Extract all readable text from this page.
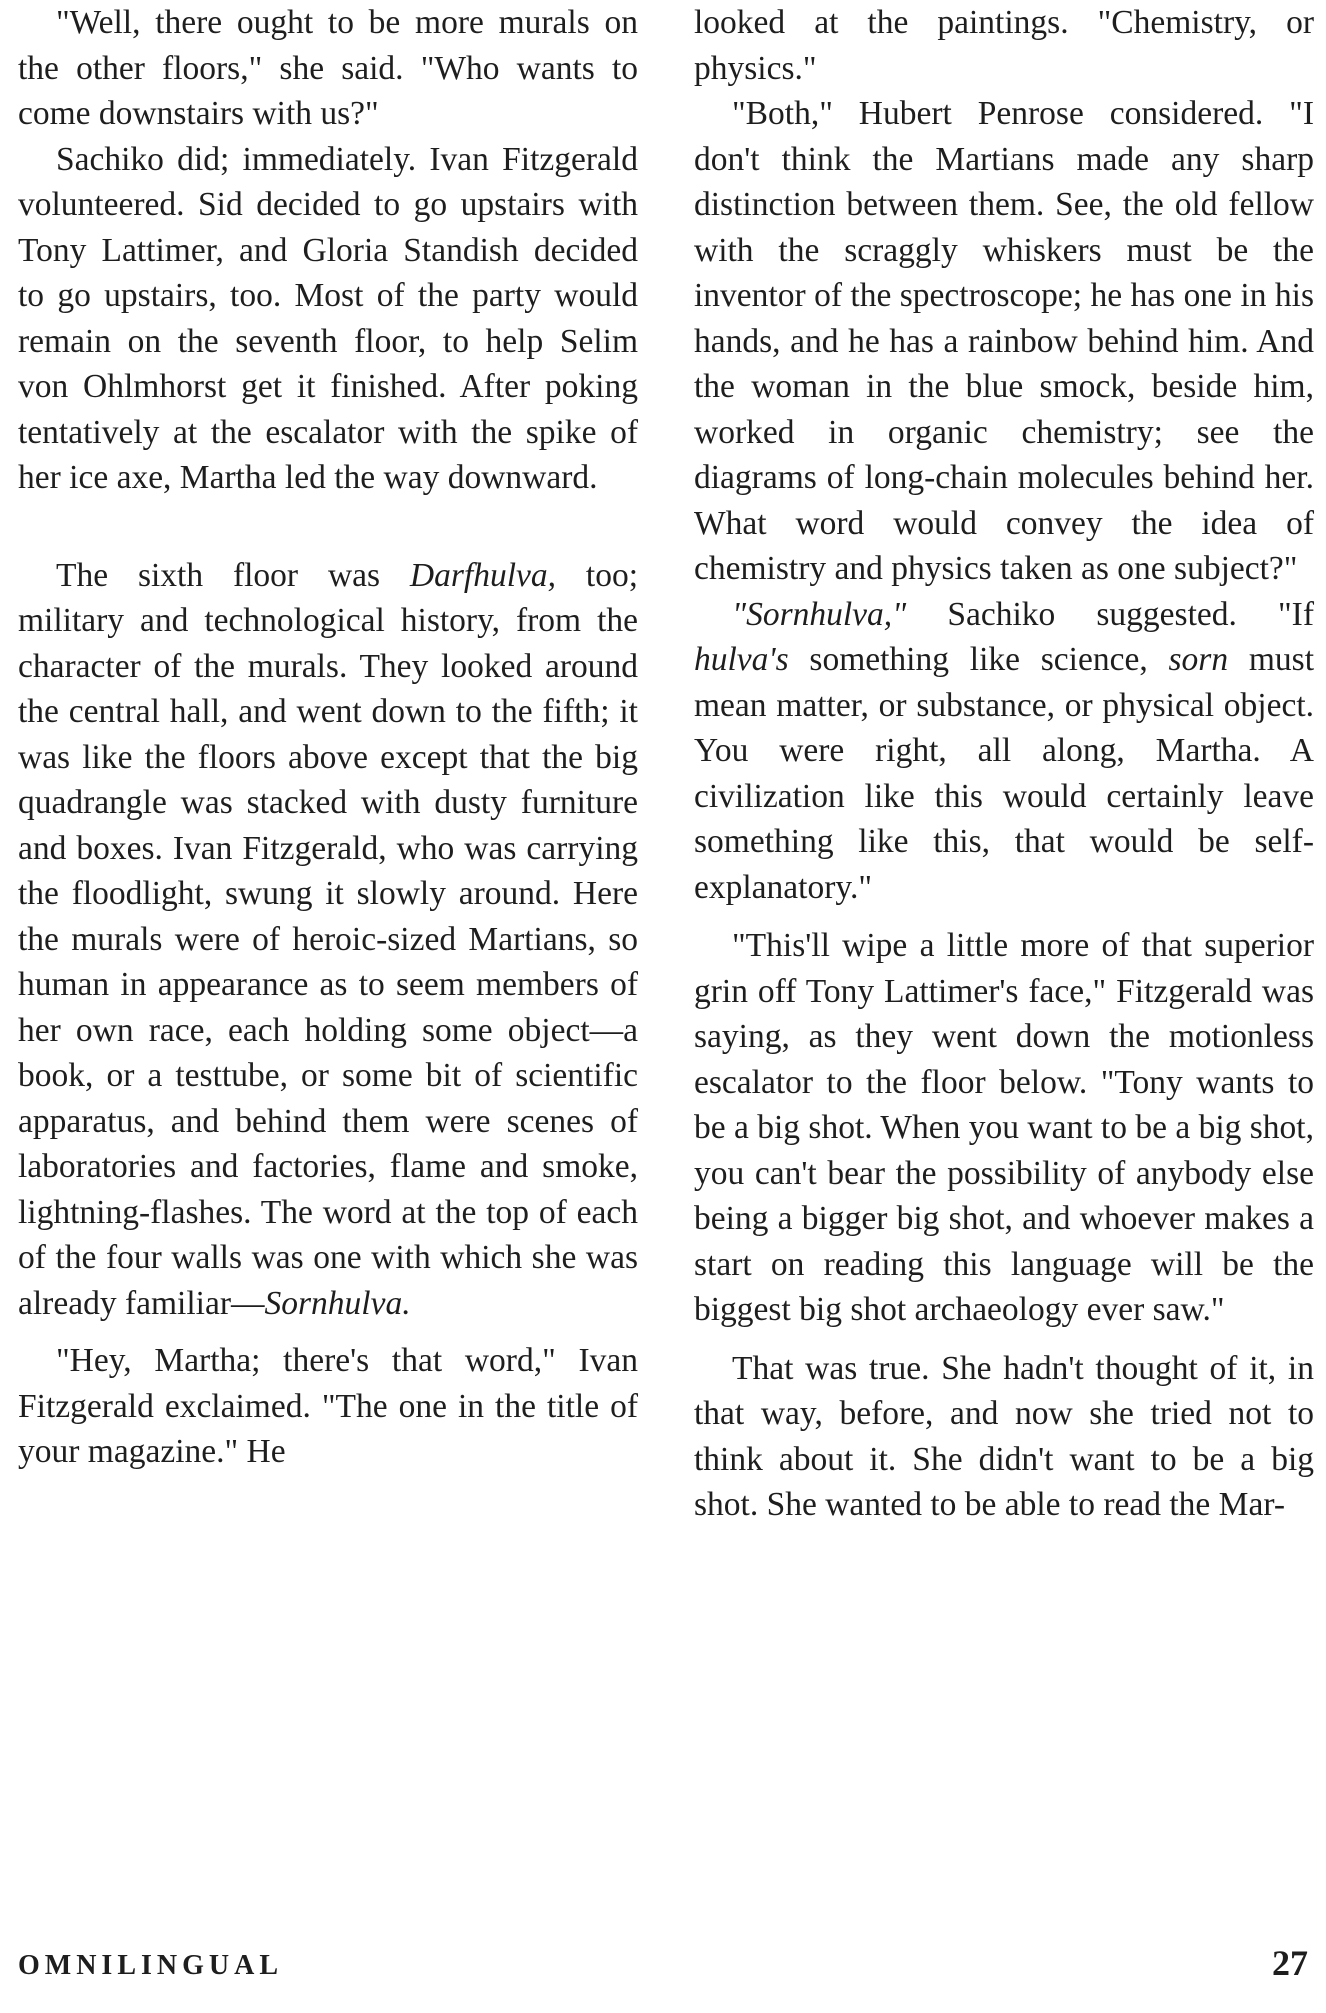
"Well, there ought to be more murals on the other floors," she said. "Who wants to come downstairs with us?"

Sachiko did; immediately. Ivan Fitzgerald volunteered. Sid decided to go upstairs with Tony Lattimer, and Gloria Standish decided to go upstairs, too. Most of the party would remain on the seventh floor, to help Selim von Ohlmhorst get it finished. After poking tentatively at the escalator with the spike of her ice axe, Martha led the way downward.

The sixth floor was Darfhulva, too; military and technological history, from the character of the murals. They looked around the central hall, and went down to the fifth; it was like the floors above except that the big quadrangle was stacked with dusty furniture and boxes. Ivan Fitzgerald, who was carrying the floodlight, swung it slowly around. Here the murals were of heroic-sized Martians, so human in appearance as to seem members of her own race, each holding some object—a book, or a testtube, or some bit of scientific apparatus, and behind them were scenes of laboratories and factories, flame and smoke, lightning-flashes. The word at the top of each of the four walls was one with which she was already familiar—Sornhulva.

"Hey, Martha; there's that word," Ivan Fitzgerald exclaimed. "The one in the title of your magazine." He

looked at the paintings. "Chemistry, or physics."

"Both," Hubert Penrose considered. "I don't think the Martians made any sharp distinction between them. See, the old fellow with the scraggly whiskers must be the inventor of the spectroscope; he has one in his hands, and he has a rainbow behind him. And the woman in the blue smock, beside him, worked in organic chemistry; see the diagrams of long-chain molecules behind her. What word would convey the idea of chemistry and physics taken as one subject?"

"Sornhulva," Sachiko suggested. "If hulva's something like science, sorn must mean matter, or substance, or physical object. You were right, all along, Martha. A civilization like this would certainly leave something like this, that would be self-explanatory."

"This'll wipe a little more of that superior grin off Tony Lattimer's face," Fitzgerald was saying, as they went down the motionless escalator to the floor below. "Tony wants to be a big shot. When you want to be a big shot, you can't bear the possibility of anybody else being a bigger big shot, and whoever makes a start on reading this language will be the biggest big shot archaeology ever saw."

That was true. She hadn't thought of it, in that way, before, and now she tried not to think about it. She didn't want to be a big shot. She wanted to be able to read the Mar-

OMNILINGUAL	27
